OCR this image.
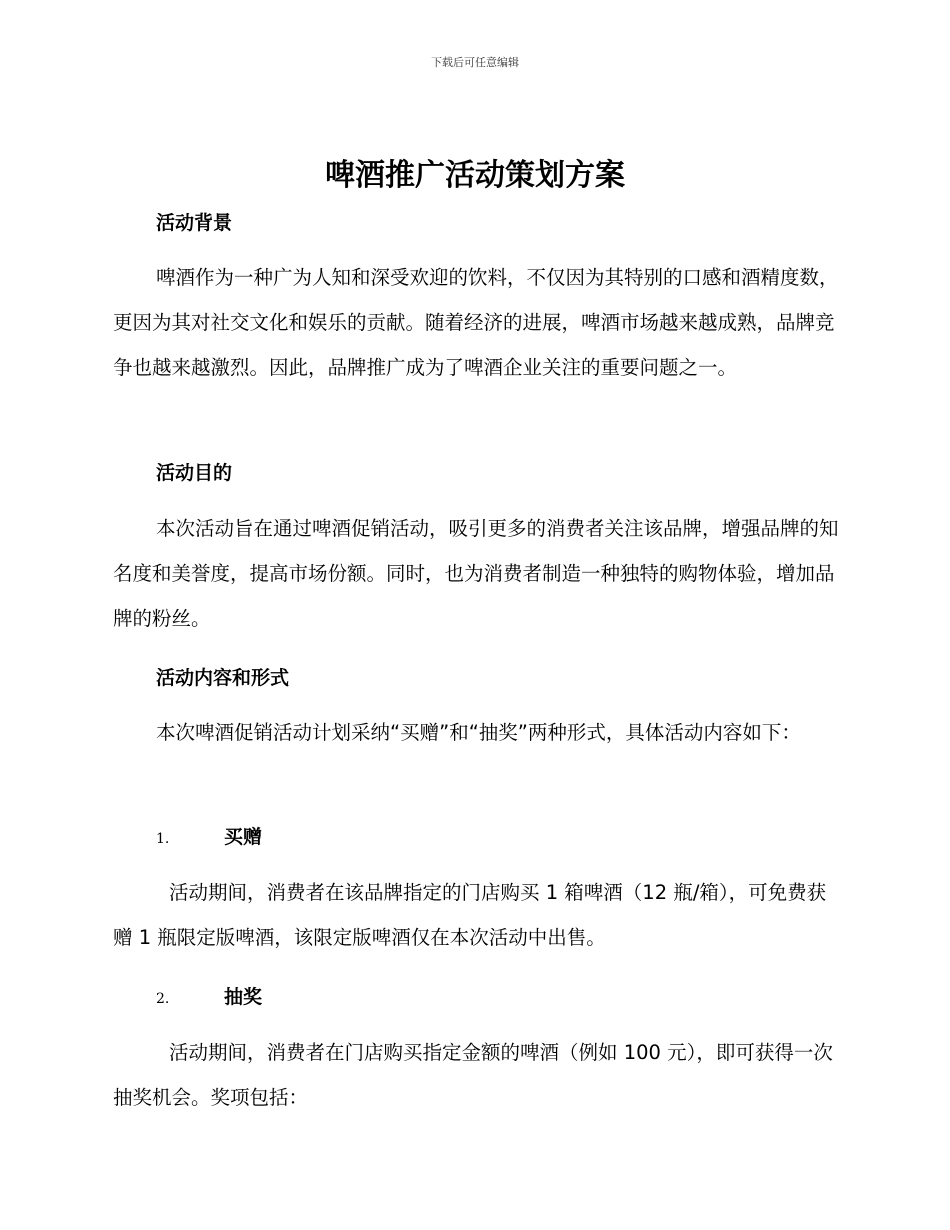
下载后可任意编辑
啤酒推广活动策划方案
活动背景

啤酒作为一种广为人知和深受欢迎的饮料，不仅因为其特别的口感和酒精度数，更因为其对社交文化和娱乐的贡献。随着经济的进展，啤酒市场越来越成熟，品牌竞争也越来越激烈。因此，品牌推广成为了啤酒企业关注的重要问题之一。

活动目的

本次活动旨在通过啤酒促销活动，吸引更多的消费者关注该品牌，增强品牌的知名度和美誉度，提高市场份额。同时，也为消费者制造一种独特的购物体验，增加品牌的粉丝。

活动内容和形式

本次啤酒促销活动计划采纳“买赠”和“抽奖”两种形式，具体活动内容如下：

1.	买赠

活动期间，消费者在该品牌指定的门店购买 1 箱啤酒（12 瓶/箱），可免费获赠 1 瓶限定版啤酒，该限定版啤酒仅在本次活动中出售。

2.	抽奖

活动期间，消费者在门店购买指定金额的啤酒（例如 100 元），即可获得一次抽奖机会。奖项包括：
